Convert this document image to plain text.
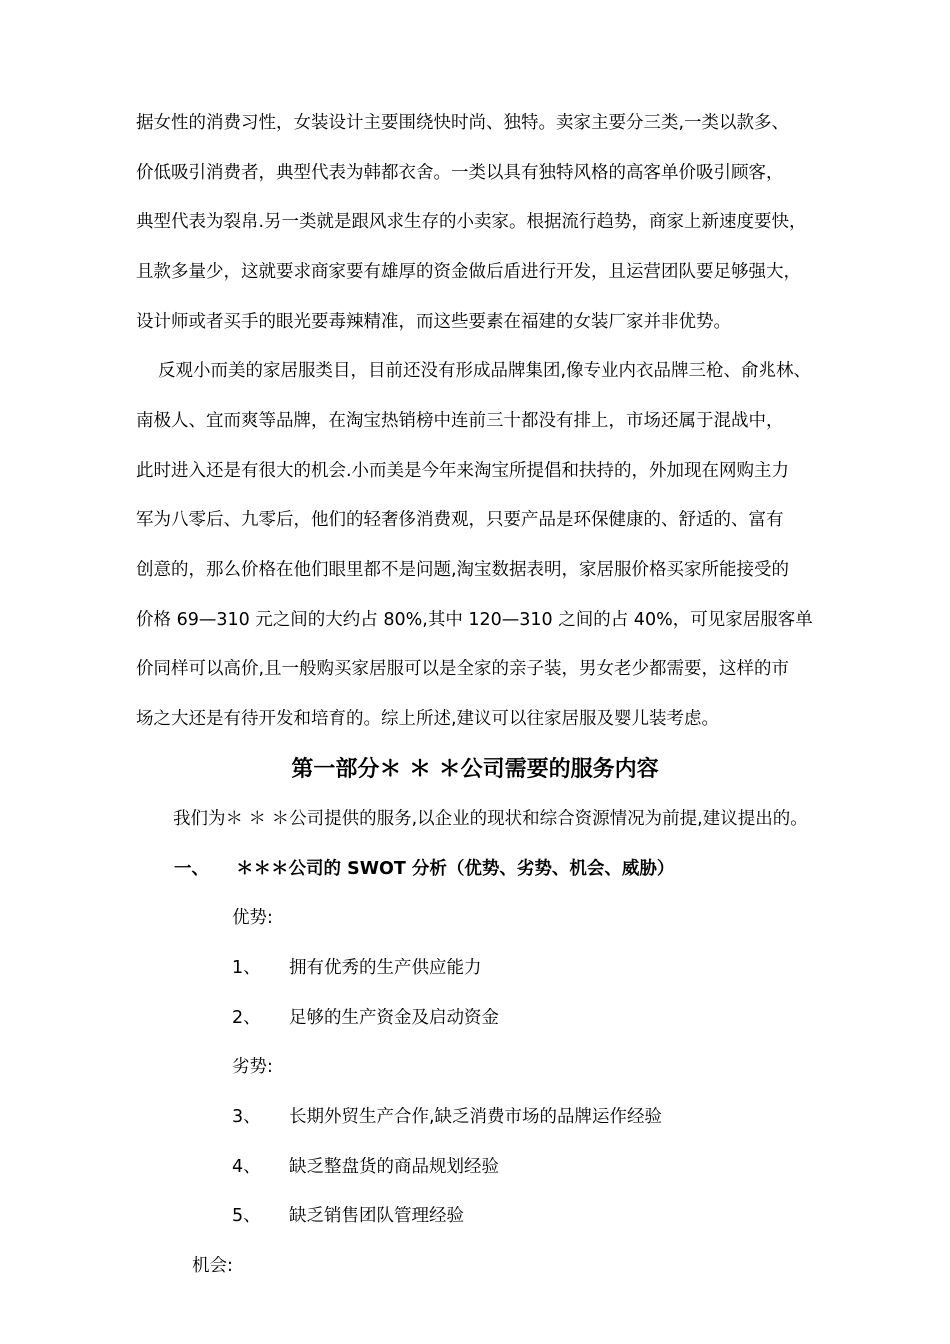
据女性的消费习性，女装设计主要围绕快时尚、独特。卖家主要分三类,一类以款多、
价低吸引消费者，典型代表为韩都衣舍。一类以具有独特风格的高客单价吸引顾客，
典型代表为裂帛.另一类就是跟风求生存的小卖家。根据流行趋势，商家上新速度要快，
且款多量少，这就要求商家要有雄厚的资金做后盾进行开发，且运营团队要足够强大，
设计师或者买手的眼光要毒辣精准，而这些要素在福建的女装厂家并非优势。
反观小而美的家居服类目，目前还没有形成品牌集团,像专业内衣品牌三枪、俞兆林、
南极人、宜而爽等品牌，在淘宝热销榜中连前三十都没有排上，市场还属于混战中，
此时进入还是有很大的机会.小而美是今年来淘宝所提倡和扶持的，外加现在网购主力
军为八零后、九零后，他们的轻奢侈消费观，只要产品是环保健康的、舒适的、富有
创意的，那么价格在他们眼里都不是问题,淘宝数据表明，家居服价格买家所能接受的
价格 69—310 元之间的大约占 80%,其中 120—310 之间的占 40%，可见家居服客单
价同样可以高价,且一般购买家居服可以是全家的亲子装，男女老少都需要，这样的市
场之大还是有待开发和培育的。综上所述,建议可以往家居服及婴儿装考虑。
第一部分＊ ＊ ＊公司需要的服务内容
我们为＊ ＊ ＊公司提供的服务,以企业的现状和综合资源情况为前提,建议提出的。
一、 ＊＊＊公司的 SWOT 分析（优势、劣势、机会、威胁）
优势:
1、 拥有优秀的生产供应能力
2、 足够的生产资金及启动资金
劣势:
3、 长期外贸生产合作,缺乏消费市场的品牌运作经验
4、 缺乏整盘货的商品规划经验
5、 缺乏销售团队管理经验
机会:
